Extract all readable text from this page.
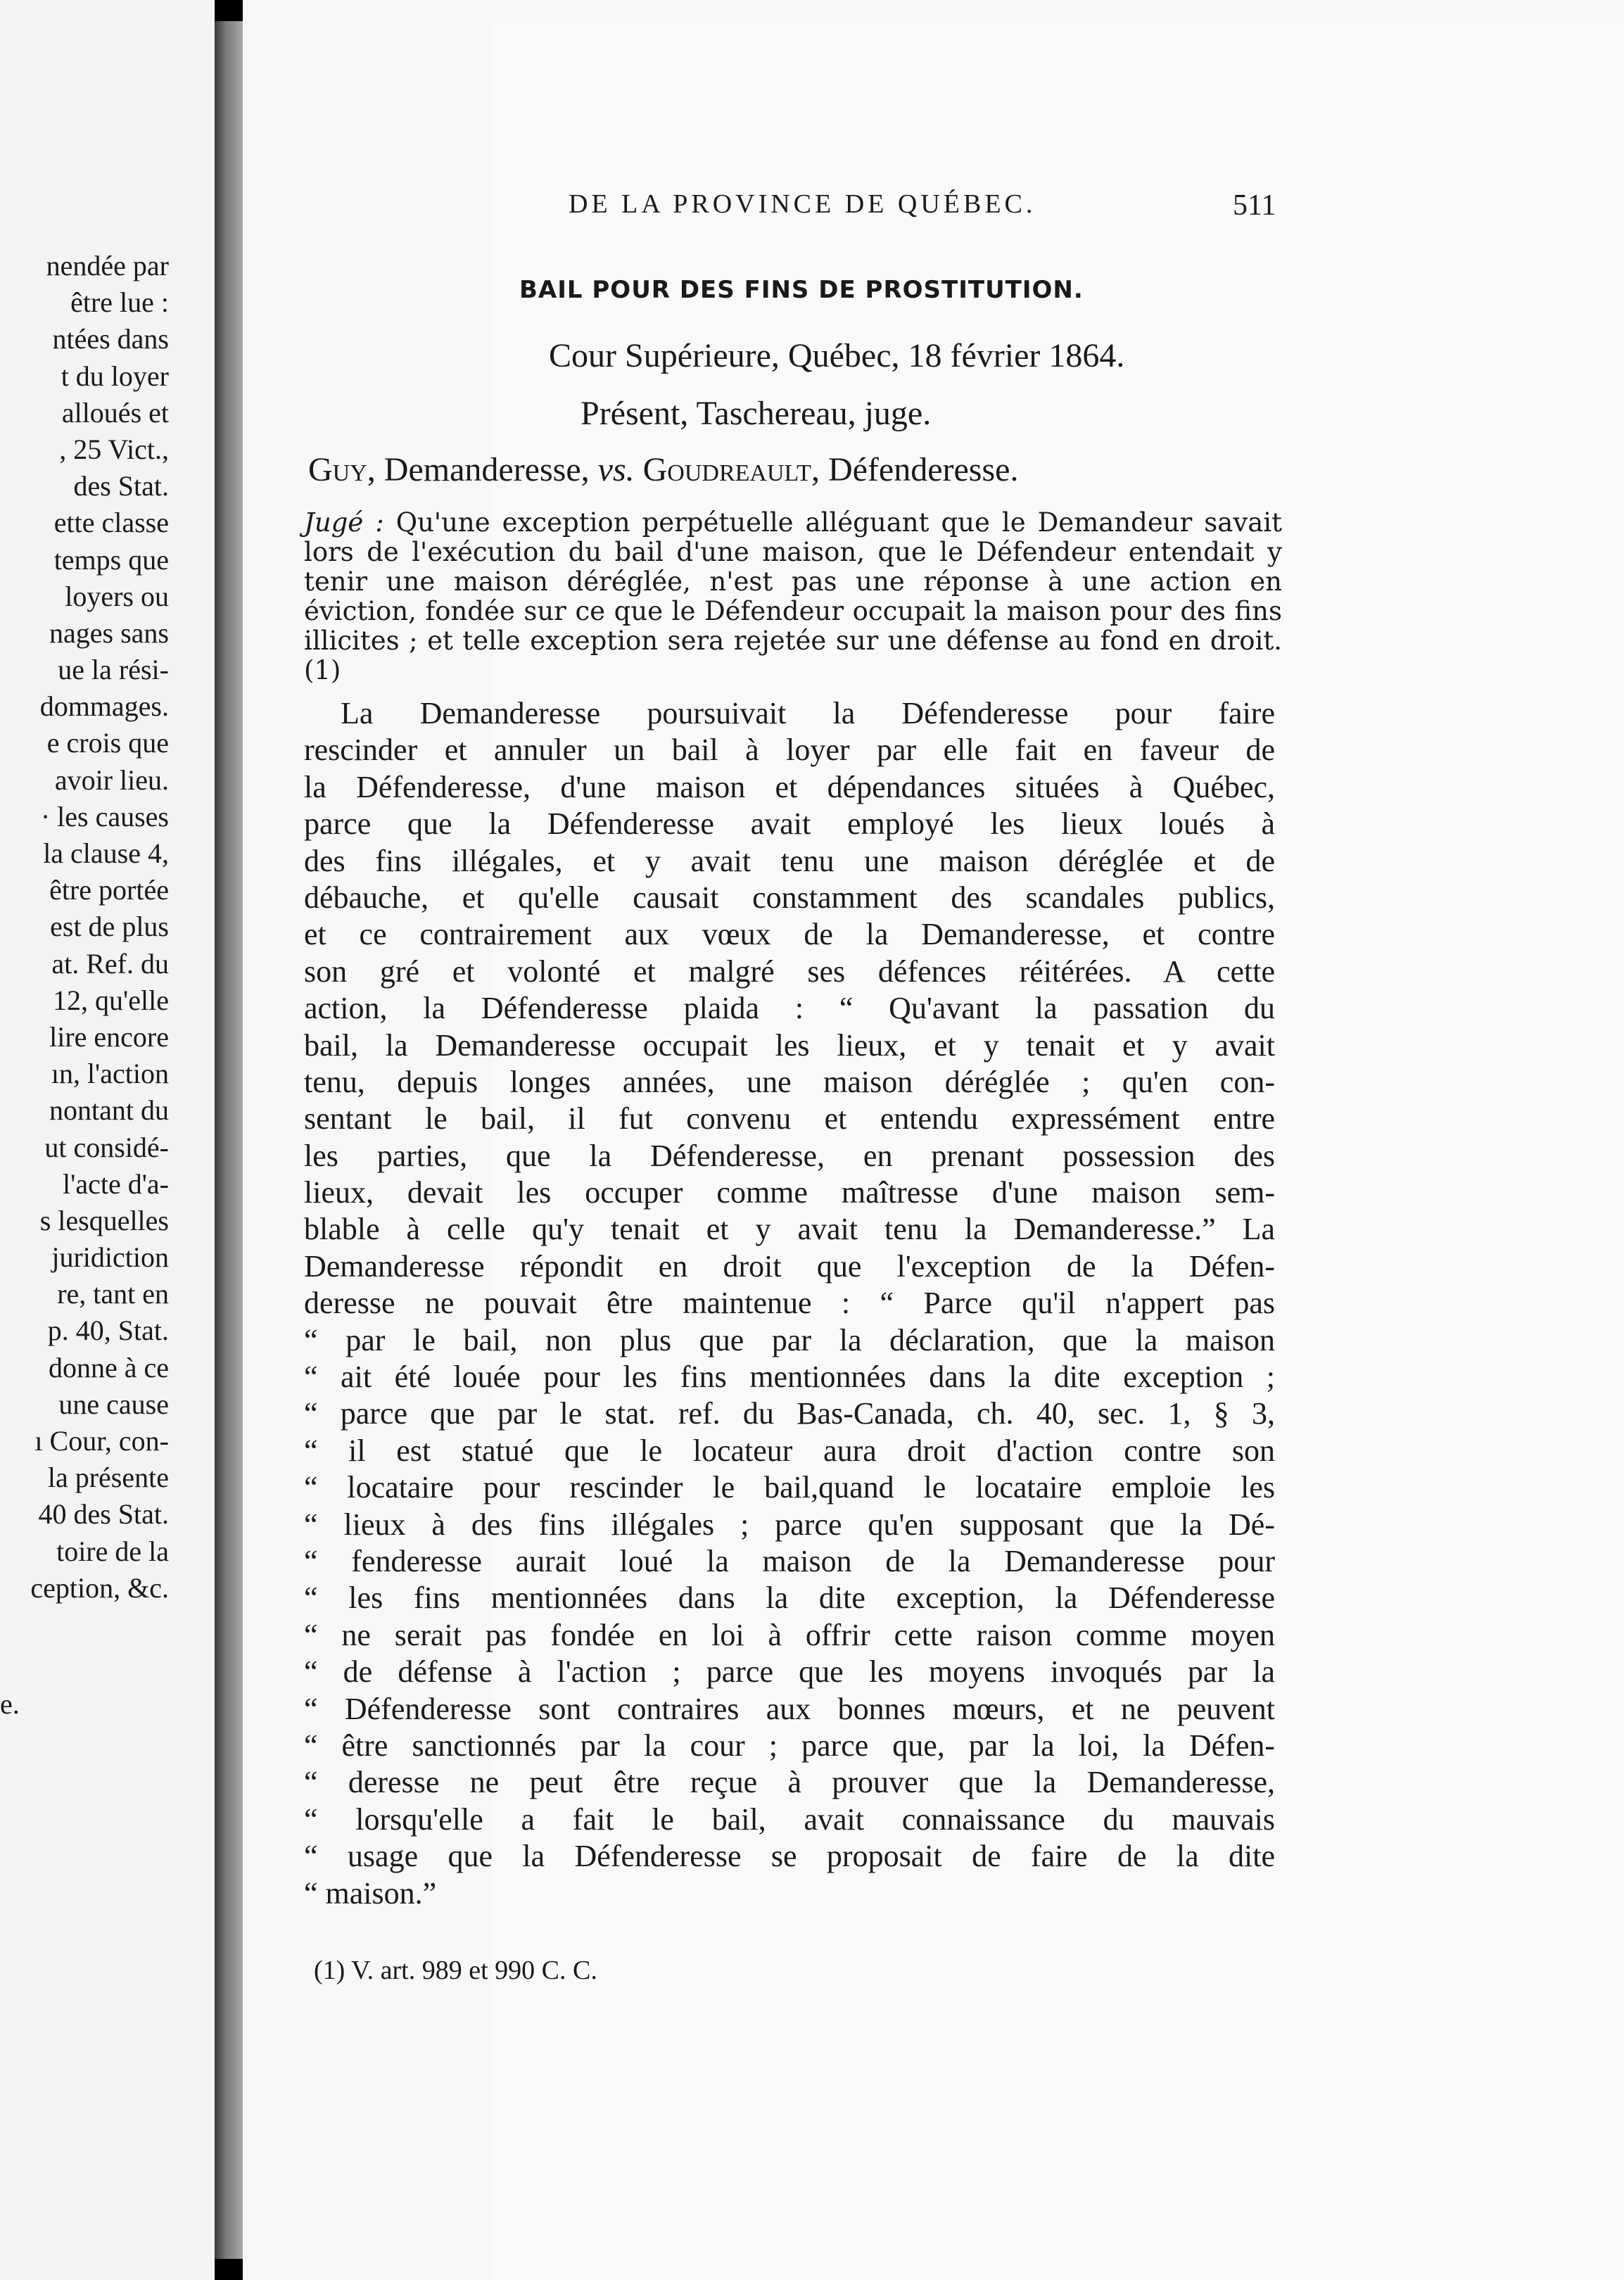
nendée par
être lue :
ntées dans
t du loyer
alloués et
, 25 Vict.,
des Stat.
ette classe
temps que
loyers ou
nages sans
ue la rési-
dommages.
e crois que
avoir lieu.
· les causes
la clause 4,
être portée
est de plus
at. Ref. du
12, qu'elle
lire encore
ın, l'action
nontant du
ut considé-
l'acte d'a-
s lesquelles
juridiction
re, tant en
p. 40, Stat.
donne à ce
une cause
ı Cour, con-
la présente
40 des Stat.
toire de la
ception, &c.
e.
DE LA PROVINCE DE QUÉBEC.	511
BAIL POUR DES FINS DE PROSTITUTION.
Cour Supérieure, Québec, 18 février 1864.
Présent, Taschereau, juge.
Guy, Demanderesse, vs. Goudreault, Défenderesse.
Jugé : Qu'une exception perpétuelle alléguant que le Demandeur savait lors de l'exécution du bail d'une maison, que le Défendeur entendait y tenir une maison déréglée, n'est pas une réponse à une action en éviction, fondée sur ce que le Défendeur occupait la maison pour des fins illicites ; et telle exception sera rejetée sur une défense au fond en droit. (1)
La Demanderesse poursuivait la Défenderesse pour faire
rescinder et annuler un bail à loyer par elle fait en faveur de
la Défenderesse, d'une maison et dépendances situées à Québec,
parce que la Défenderesse avait employé les lieux loués à
des fins illégales, et y avait tenu une maison déréglée et de
débauche, et qu'elle causait constamment des scandales publics,
et ce contrairement aux vœux de la Demanderesse, et contre
son gré et volonté et malgré ses défences réitérées. A cette
action, la Défenderesse plaida : “ Qu'avant la passation du
bail, la Demanderesse occupait les lieux, et y tenait et y avait
tenu, depuis longes années, une maison déréglée ; qu'en con-
sentant le bail, il fut convenu et entendu expressément entre
les parties, que la Défenderesse, en prenant possession des
lieux, devait les occuper comme maîtresse d'une maison sem-
blable à celle qu'y tenait et y avait tenu la Demanderesse.” La
Demanderesse répondit en droit que l'exception de la Défen-
deresse ne pouvait être maintenue : “ Parce qu'il n'appert pas
“ par le bail, non plus que par la déclaration, que la maison
“ ait été louée pour les fins mentionnées dans la dite exception ;
“ parce que par le stat. ref. du Bas-Canada, ch. 40, sec. 1, § 3,
“ il est statué que le locateur aura droit d'action contre son
“ locataire pour rescinder le bail,quand le locataire emploie les
“ lieux à des fins illégales ; parce qu'en supposant que la Dé-
“ fenderesse aurait loué la maison de la Demanderesse pour
“ les fins mentionnées dans la dite exception, la Défenderesse
“ ne serait pas fondée en loi à offrir cette raison comme moyen
“ de défense à l'action ; parce que les moyens invoqués par la
“ Défenderesse sont contraires aux bonnes mœurs, et ne peuvent
“ être sanctionnés par la cour ; parce que, par la loi, la Défen-
“ deresse ne peut être reçue à prouver que la Demanderesse,
“ lorsqu'elle a fait le bail, avait connaissance du mauvais
“ usage que la Défenderesse se proposait de faire de la dite
“ maison.”
(1) V. art. 989 et 990 C. C.
